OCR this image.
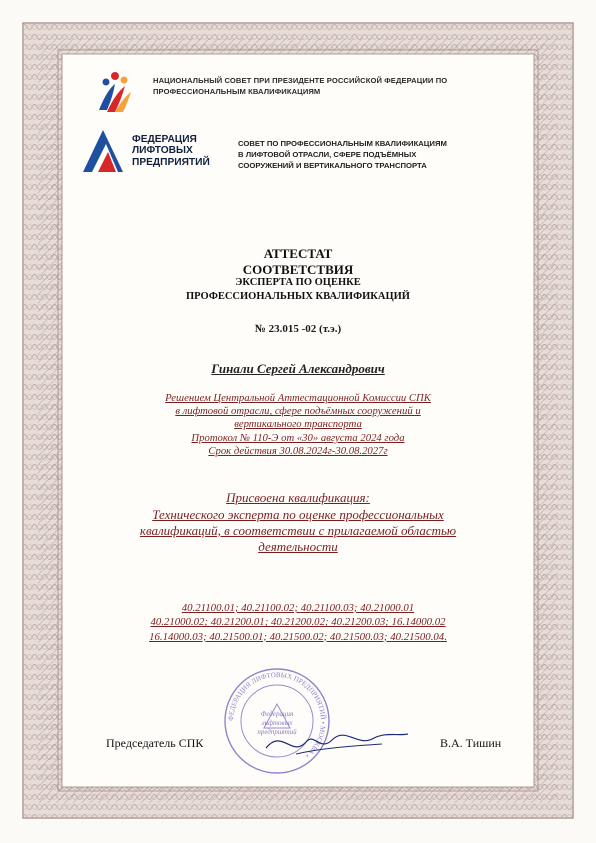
НАЦИОНАЛЬНЫЙ СОВЕТ ПРИ ПРЕЗИДЕНТЕ РОССИЙСКОЙ ФЕДЕРАЦИИ ПО
ПРОФЕССИОНАЛЬНЫМ КВАЛИФИКАЦИЯМ
ФЕДЕРАЦИЯ
ЛИФТОВЫХ
ПРЕДПРИЯТИЙ
СОВЕТ ПО ПРОФЕССИОНАЛЬНЫМ КВАЛИФИКАЦИЯМ
В ЛИФТОВОЙ ОТРАСЛИ, СФЕРЕ ПОДЪЁМНЫХ
СООРУЖЕНИЙ И ВЕРТИКАЛЬНОГО ТРАНСПОРТА
АТТЕСТАТ
СООТВЕТСТВИЯ
ЭКСПЕРТА ПО ОЦЕНКЕ
ПРОФЕССИОНАЛЬНЫХ КВАЛИФИКАЦИЙ
№ 23.015 -02 (т.э.)
Гинали Сергей Александрович
Решением Центральной Аттестационной Комиссии СПК
в лифтовой отрасли, сфере подъёмных сооружений и
вертикального транспорта
Протокол № 110-Э от «30» августа 2024 года
Срок действия 30.08.2024г-30.08.2027г
Присвоена квалификация:
Технического эксперта по оценке профессиональных
квалификаций, в соответствии с прилагаемой областью
деятельности
40.21100.01; 40.21100.02; 40.21100.03; 40.21000.01
40.21000.02; 40.21200.01; 40.21200.02; 40.21200.03; 16.14000.02
16.14000.03; 40.21500.01; 40.21500.02; 40.21500.03; 40.21500.04.
ФЕДЕРАЦИЯ ЛИФТОВЫХ ПРЕДПРИЯТИЙ • МОСКВА •
Федерация
лифтовых
предприятий
Председатель СПК	В.А. Тишин
